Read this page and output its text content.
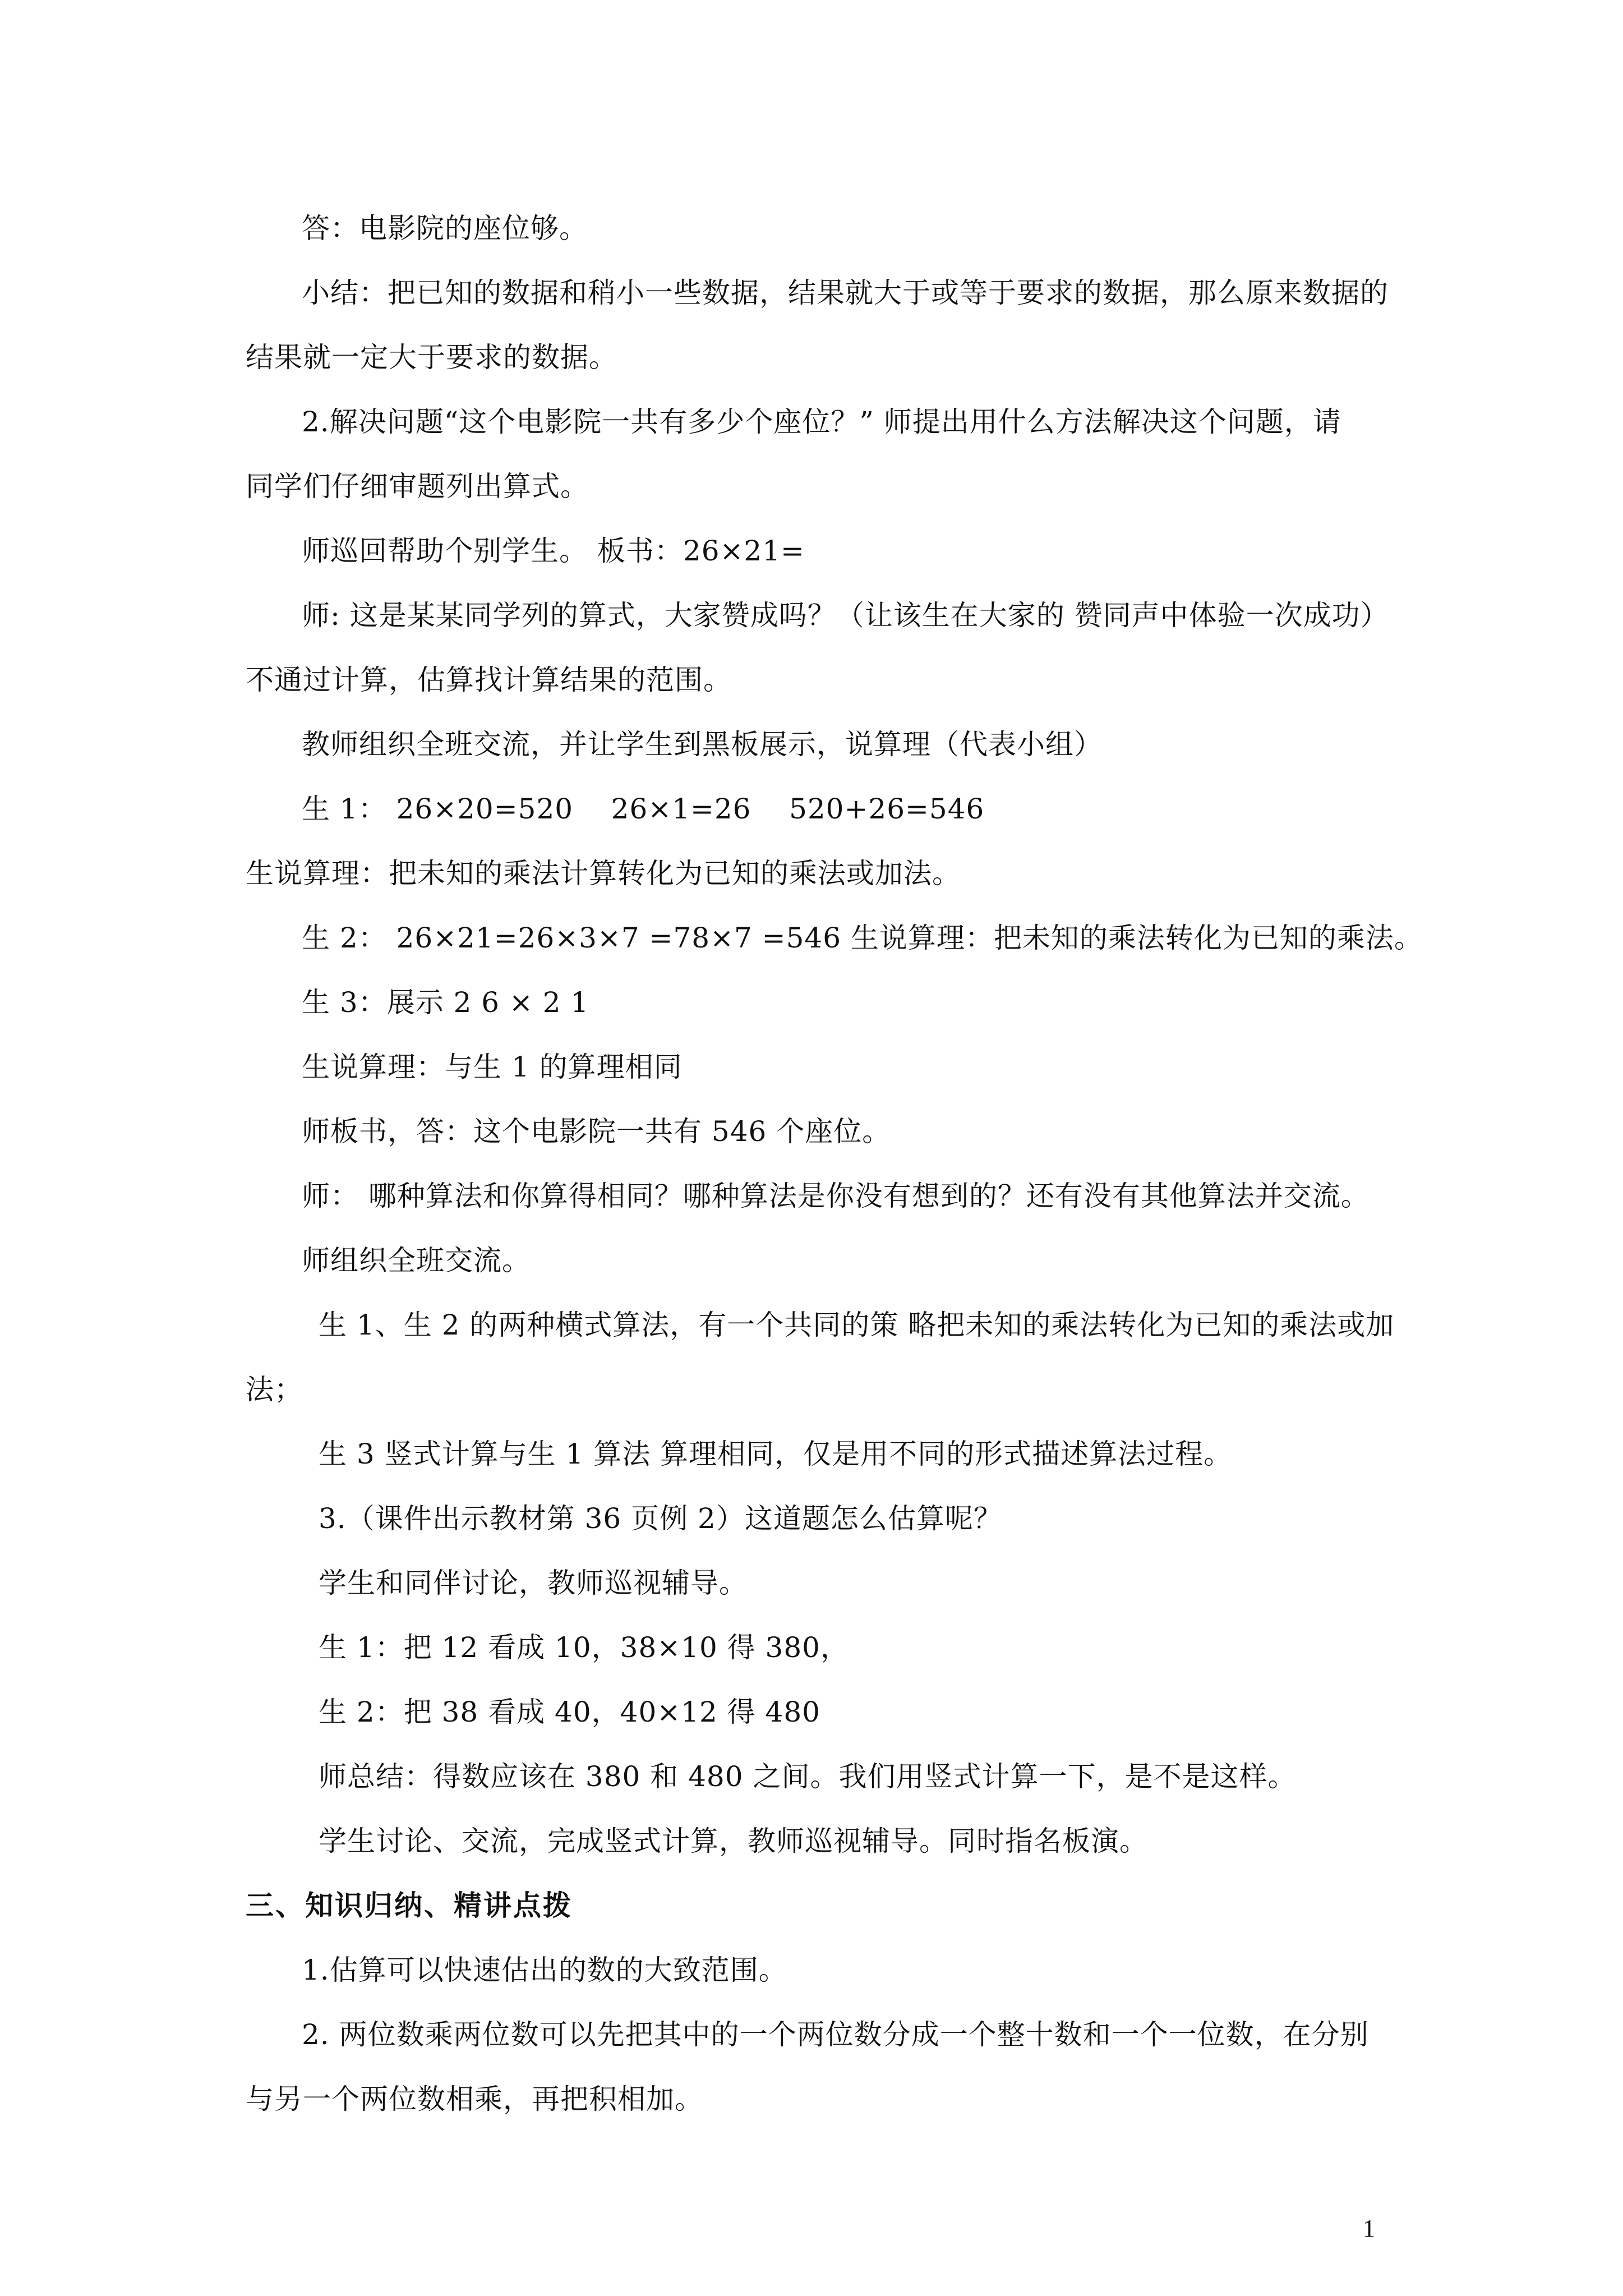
答：电影院的座位够。

小结：把已知的数据和稍小一些数据，结果就大于或等于要求的数据，那么原来数据的

结果就一定大于要求的数据。

2.解决问题“这个电影院一共有多少个座位？” 师提出用什么方法解决这个问题，请

同学们仔细审题列出算式。

师巡回帮助个别学生。 板书：26×21=

师: 这是某某同学列的算式，大家赞成吗？（让该生在大家的 赞同声中体验一次成功）

不通过计算，估算找计算结果的范围。

教师组织全班交流，并让学生到黑板展示，说算理（代表小组）

生 1： 26×20=520    26×1=26    520+26=546

生说算理：把未知的乘法计算转化为已知的乘法或加法。

生 2： 26×21=26×3×7 =78×7 =546 生说算理：把未知的乘法转化为已知的乘法。

生 3：展示 2 6 × 2 1

生说算理：与生 1 的算理相同

师板书，答：这个电影院一共有 546 个座位。

师： 哪种算法和你算得相同？哪种算法是你没有想到的？还有没有其他算法并交流。

师组织全班交流。

生 1、生 2 的两种横式算法，有一个共同的策 略把未知的乘法转化为已知的乘法或加

法；

生 3 竖式计算与生 1 算法 算理相同，仅是用不同的形式描述算法过程。

3.（课件出示教材第 36 页例 2）这道题怎么估算呢？

学生和同伴讨论，教师巡视辅导。

生 1：把 12 看成 10，38×10 得 380，

生 2：把 38 看成 40，40×12 得 480

师总结：得数应该在 380 和 480 之间。我们用竖式计算一下，是不是这样。

学生讨论、交流，完成竖式计算，教师巡视辅导。同时指名板演。

三、知识归纳、精讲点拨

1.估算可以快速估出的数的大致范围。

2. 两位数乘两位数可以先把其中的一个两位数分成一个整十数和一个一位数，在分别

与另一个两位数相乘，再把积相加。

1
